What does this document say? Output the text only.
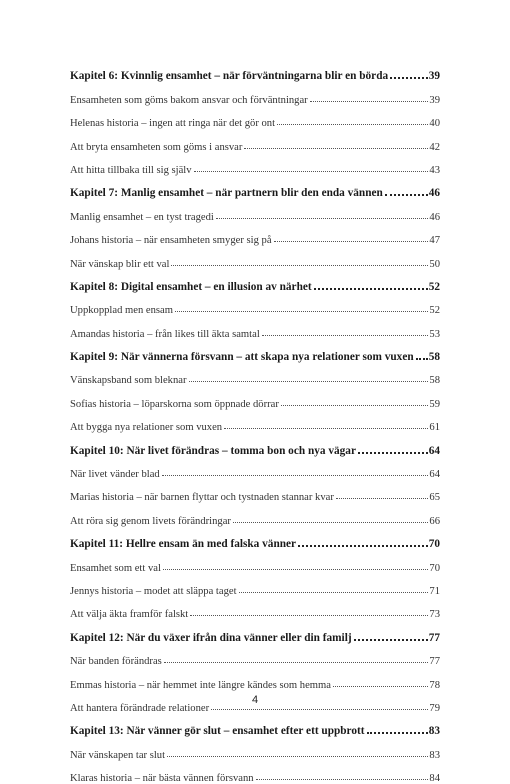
Kapitel 6: Kvinnlig ensamhet – när förväntningarna blir en börda	39
Ensamheten som göms bakom ansvar och förväntningar	39
Helenas historia – ingen att ringa när det gör ont	40
Att bryta ensamheten som göms i ansvar	42
Att hitta tillbaka till sig själv	43
Kapitel 7: Manlig ensamhet – när partnern blir den enda vännen	46
Manlig ensamhet – en tyst tragedi	46
Johans historia – när ensamheten smyger sig på	47
När vänskap blir ett val	50
Kapitel 8: Digital ensamhet – en illusion av närhet	52
Uppkopplad men ensam	52
Amandas historia – från likes till äkta samtal	53
Kapitel 9: När vännerna försvann – att skapa nya relationer som vuxen 58
Vänskapsband som bleknar	58
Sofias historia – löparskorna som öppnade dörrar	59
Att bygga nya relationer som vuxen	61
Kapitel 10: När livet förändras – tomma bon och nya vägar	64
När livet vänder blad	64
Marias historia – när barnen flyttar och tystnaden stannar kvar	65
Att röra sig genom livets förändringar	66
Kapitel 11: Hellre ensam än med falska vänner	70
Ensamhet som ett val	70
Jennys historia – modet att släppa taget	71
Att välja äkta framför falskt	73
Kapitel 12: När du växer ifrån dina vänner eller din familj	77
När banden förändras	77
Emmas historia – när hemmet inte längre kändes som hemma	78
Att hantera förändrade relationer	79
Kapitel 13: När vänner gör slut – ensamhet efter ett uppbrott	83
När vänskapen tar slut	83
Klaras historia – när bästa vännen försvann	84
4
